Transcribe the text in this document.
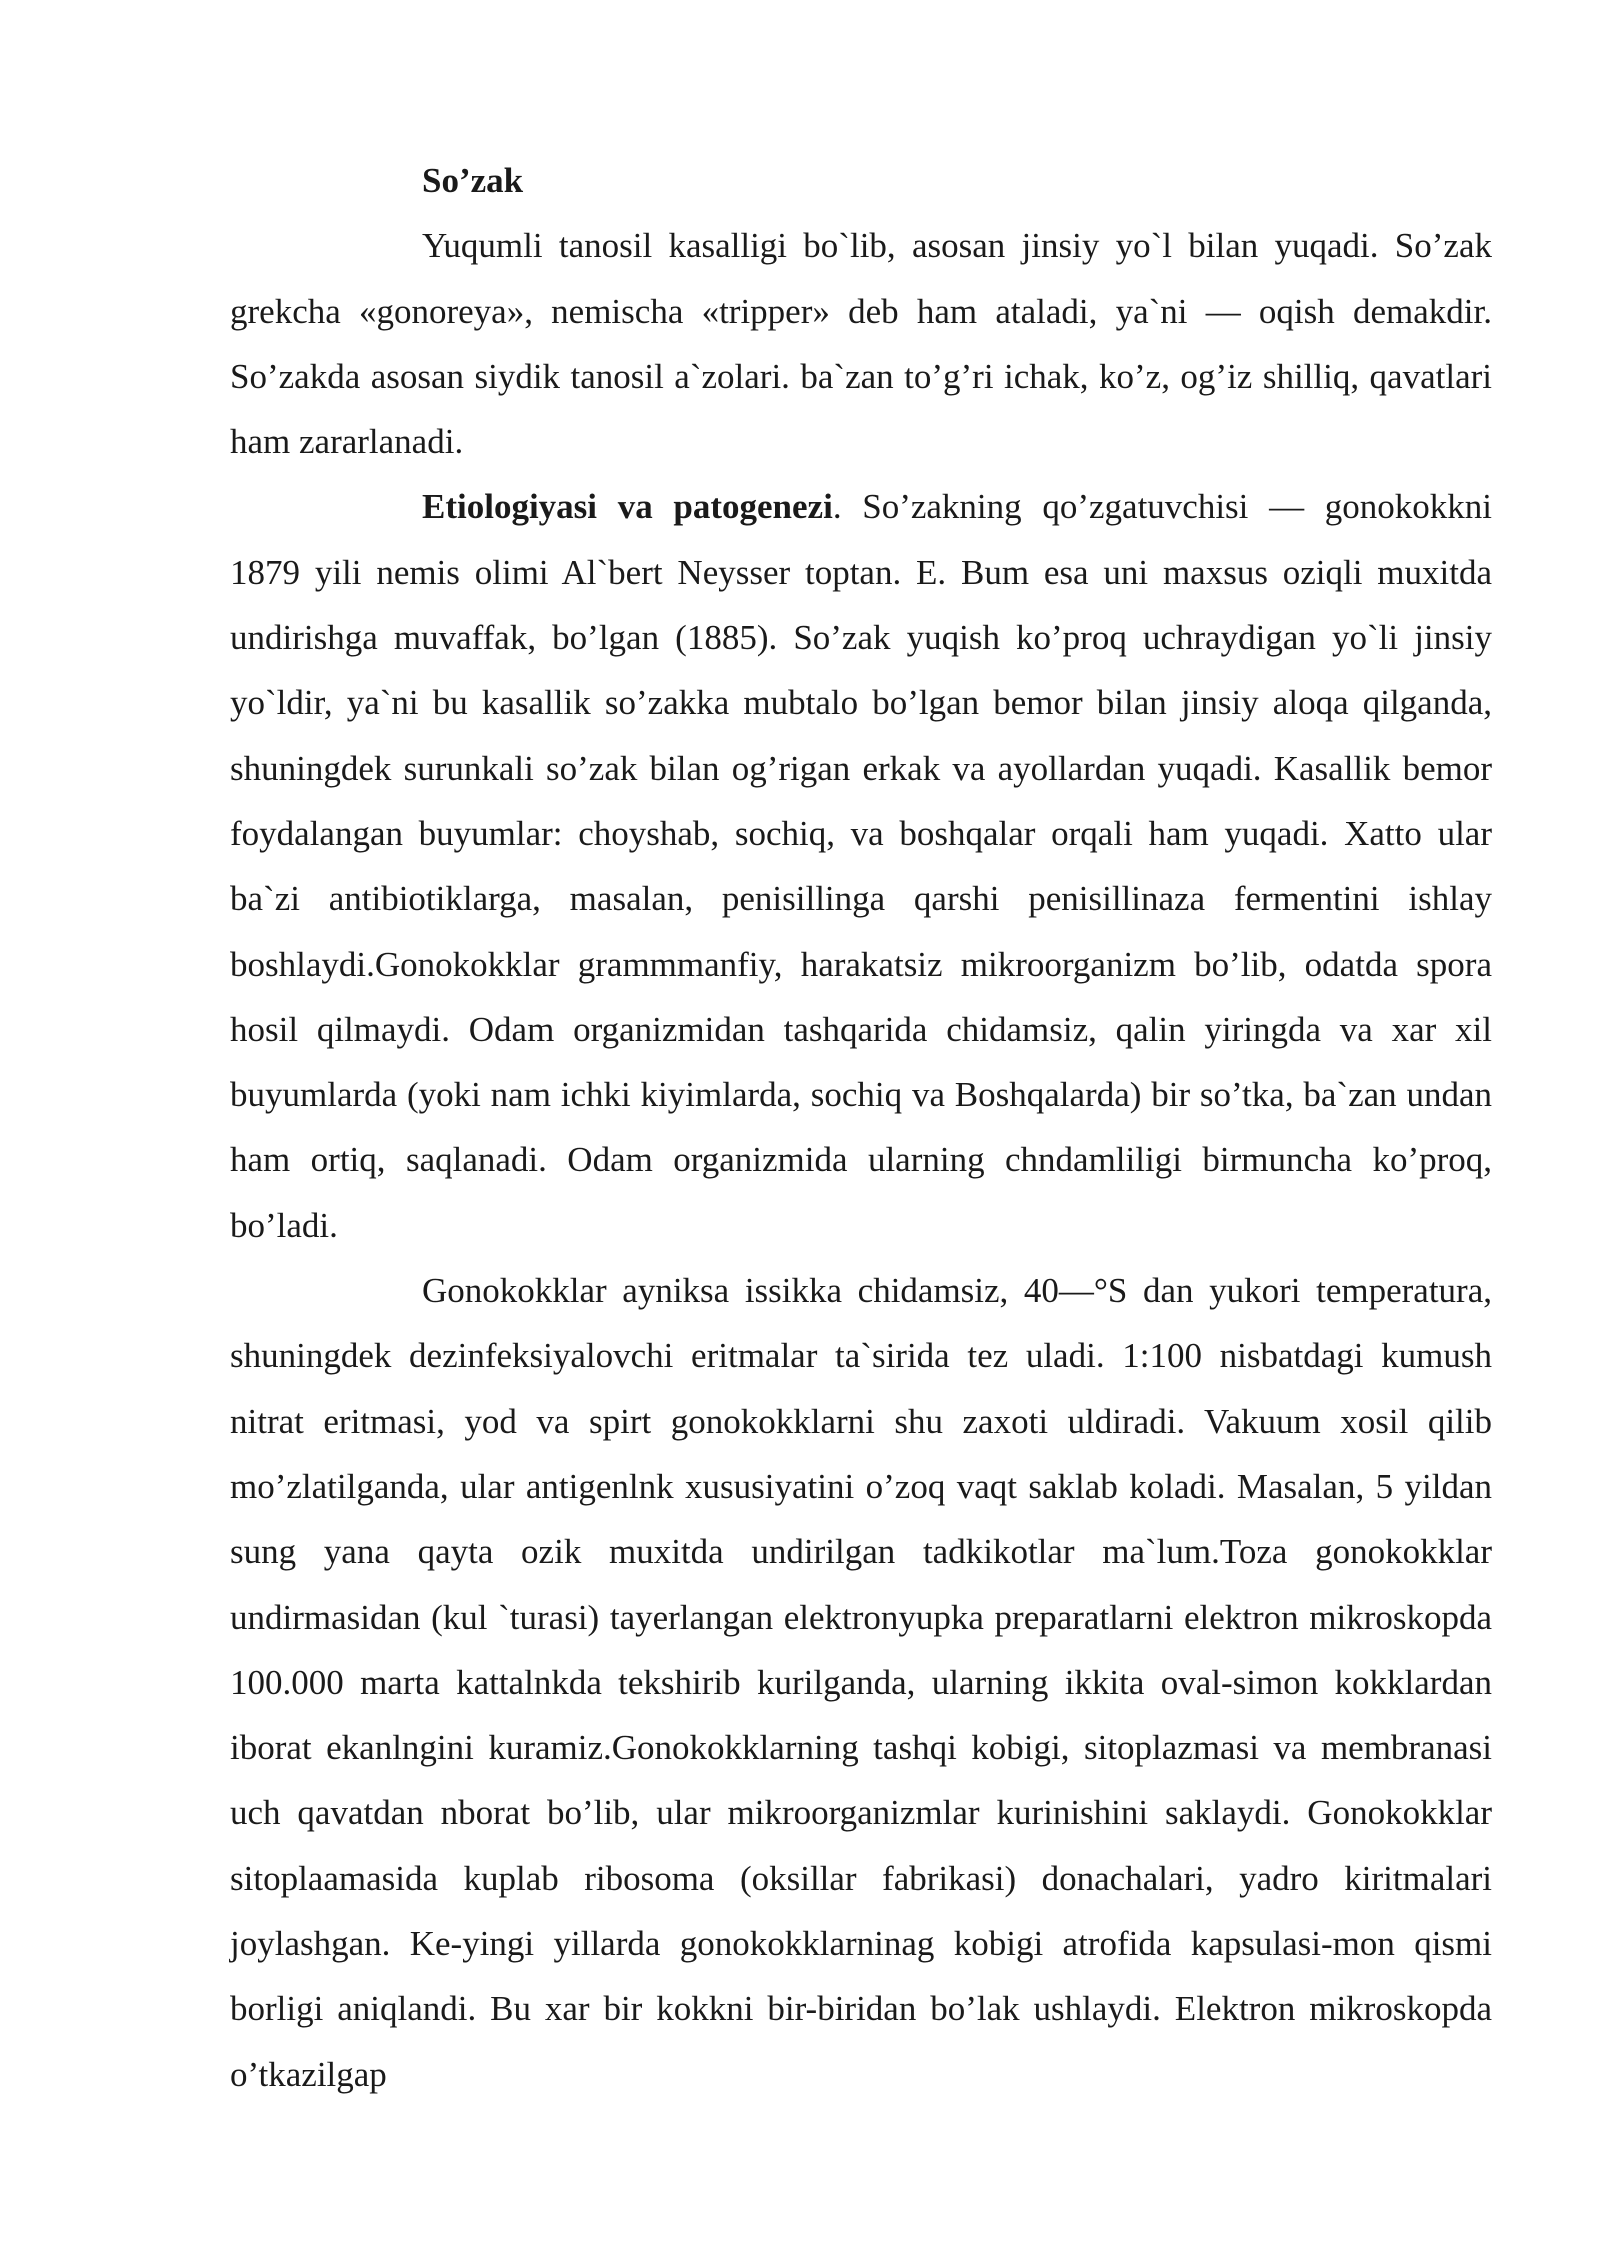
So’zak

Yuqumli tanosil kasalligi bo`lib, asosan jinsiy yo`l bilan yuqadi. So’zak grekcha «gonoreya», nemischa «tripper» deb ham ataladi, ya`ni — oqish demakdir. So’zakda asosan siydik tanosil a`zolari. ba`zan to’g’ri ichak, ko’z, og’iz shilliq, qavatlari ham zararlanadi.

Etiologiyasi va patogenezi. So’zakning qo’zgatuvchisi — gonokokkni 1879 yili nemis olimi Al`bert Neysser toptan. E. Bum esa uni maxsus oziqli muxitda undirishga muvaffak, bo’lgan (1885). So’zak yuqish ko’proq uchraydigan yo`li jinsiy yo`ldir, ya`ni bu kasallik so’zakka mubtalo bo’lgan bemor bilan jinsiy aloqa qilganda, shuningdek surunkali so’zak bilan og’rigan erkak va ayollardan yuqadi. Kasallik bemor foydalangan buyumlar: choyshab, sochiq, va boshqalar orqali ham yuqadi. Xatto ular ba`zi antibiotiklarga, masalan, penisillinga qarshi penisillinaza fermentini ishlay boshlaydi.Gonokokklar grammmanfiy, harakatsiz mikroorganizm bo’lib, odatda spora hosil qilmaydi. Odam organizmidan tashqarida chidamsiz, qalin yiringda va xar xil buyumlarda (yoki nam ichki kiyimlarda, sochiq va Boshqalarda) bir so’tka, ba`zan undan ham ortiq, saqlanadi. Odam organizmida ularning chndamliligi birmuncha ko’proq, bo’ladi.

Gonokokklar ayniksa issikka chidamsiz, 40—°S dan yukori temperatura, shuningdek dezinfeksiyalovchi eritmalar ta`sirida tez uladi. 1:100 nisbatdagi kumush nitrat eritmasi, yod va spirt gonokokklarni shu zaxoti uldiradi. Vakuum xosil qilib mo’zlatilganda, ular antigenlnk xususiyatini o’zoq vaqt saklab koladi. Masalan, 5 yildan sung yana qayta ozik muxitda undirilgan tadkikotlar ma`lum.Toza gonokokklar undirmasidan (kul `turasi) tayerlangan elektronyupka preparatlarni elektron mikroskopda 100.000 marta kattalnkda tekshirib kurilganda, ularning ikkita oval-simon kokklardan iborat ekanlngini kuramiz.Gonokokklarning tashqi kobigi, sitoplazmasi va membranasi uch qavatdan nborat bo’lib, ular mikroorganizmlar kurinishini saklaydi. Gonokokklar sitoplaamasida kuplab ribosoma (oksillar fabrikasi) donachalari, yadro kiritmalari joylashgan. Ke-yingi yillarda gonokokklarninag kobigi atrofida kapsulasi-mon qismi borligi aniqlandi. Bu xar bir kokkni bir-biridan bo’lak ushlaydi. Elektron mikroskopda o’tkazilgap
